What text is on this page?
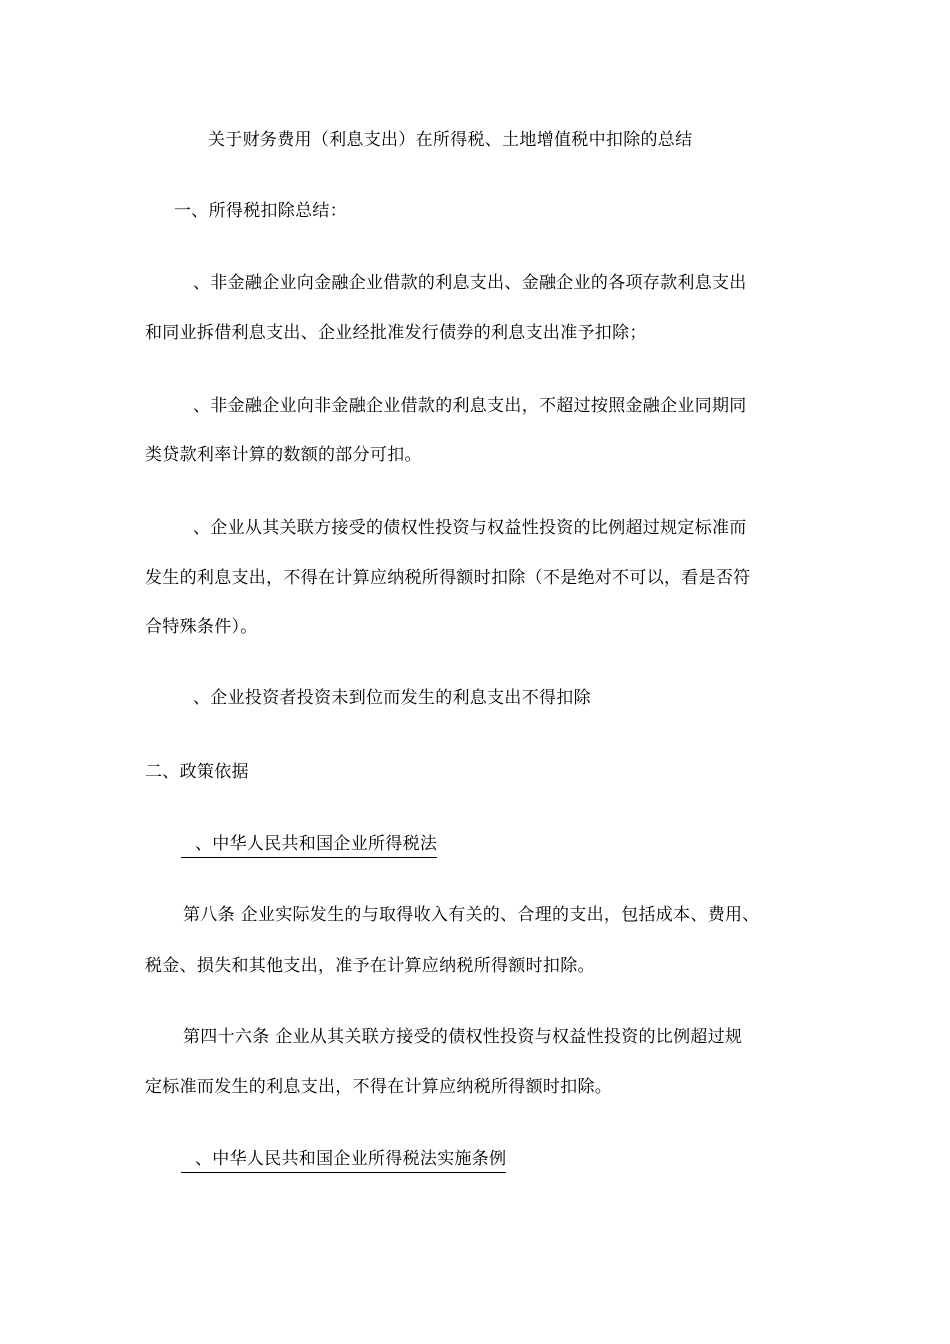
关于财务费用（利息支出）在所得税、土地增值税中扣除的总结
一、所得税扣除总结：
、非金融企业向金融企业借款的利息支出、金融企业的各项存款利息支出
和同业拆借利息支出、企业经批准发行债券的利息支出准予扣除；
、非金融企业向非金融企业借款的利息支出，不超过按照金融企业同期同
类贷款利率计算的数额的部分可扣。
、企业从其关联方接受的债权性投资与权益性投资的比例超过规定标准而
发生的利息支出，不得在计算应纳税所得额时扣除（不是绝对不可以，看是否符
合特殊条件）。
、企业投资者投资未到位而发生的利息支出不得扣除
二、政策依据
、中华人民共和国企业所得税法
第八条 企业实际发生的与取得收入有关的、合理的支出，包括成本、费用、
税金、损失和其他支出，准予在计算应纳税所得额时扣除。
第四十六条 企业从其关联方接受的债权性投资与权益性投资的比例超过规
定标准而发生的利息支出，不得在计算应纳税所得额时扣除。
、中华人民共和国企业所得税法实施条例
